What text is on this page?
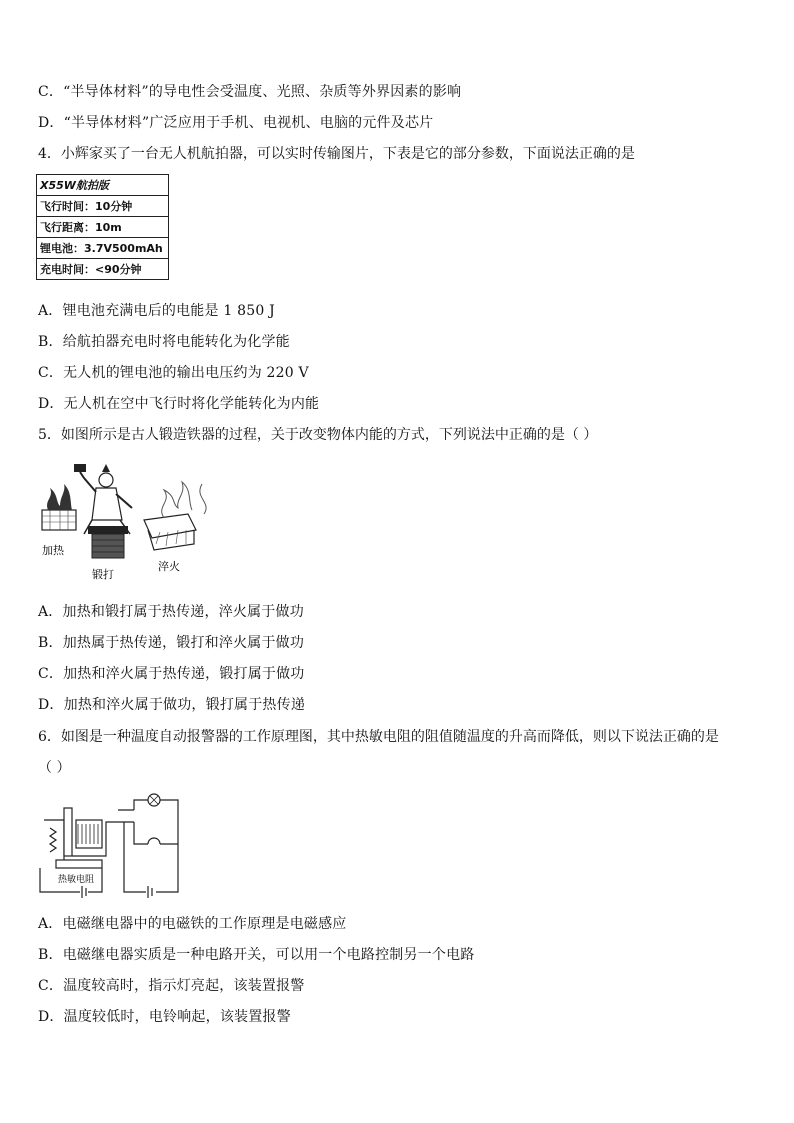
C．“半导体材料”的导电性会受温度、光照、杂质等外界因素的影响
D．“半导体材料”广泛应用于手机、电视机、电脑的元件及芯片
4．小辉家买了一台无人机航拍器，可以实时传输图片，下表是它的部分参数，下面说法正确的是
X55W航拍版
飞行时间：10分钟
飞行距离：10m
锂电池：3.7V500mAh
充电时间：<90分钟
A．锂电池充满电后的电能是 1 850 J
B．给航拍器充电时将电能转化为化学能
C．无人机的锂电池的输出电压约为 220 V
D．无人机在空中飞行时将化学能转化为内能
5．如图所示是古人锻造铁器的过程，关于改变物体内能的方式，下列说法中正确的是（ ）
加热
锻打
淬火
A．加热和锻打属于热传递，淬火属于做功
B．加热属于热传递，锻打和淬火属于做功
C．加热和淬火属于热传递，锻打属于做功
D．加热和淬火属于做功，锻打属于热传递
6．如图是一种温度自动报警器的工作原理图，其中热敏电阻的阻值随温度的升高而降低，则以下说法正确的是
（ ）
热敏电阻
A．电磁继电器中的电磁铁的工作原理是电磁感应
B．电磁继电器实质是一种电路开关，可以用一个电路控制另一个电路
C．温度较高时，指示灯亮起，该装置报警
D．温度较低时，电铃响起，该装置报警
